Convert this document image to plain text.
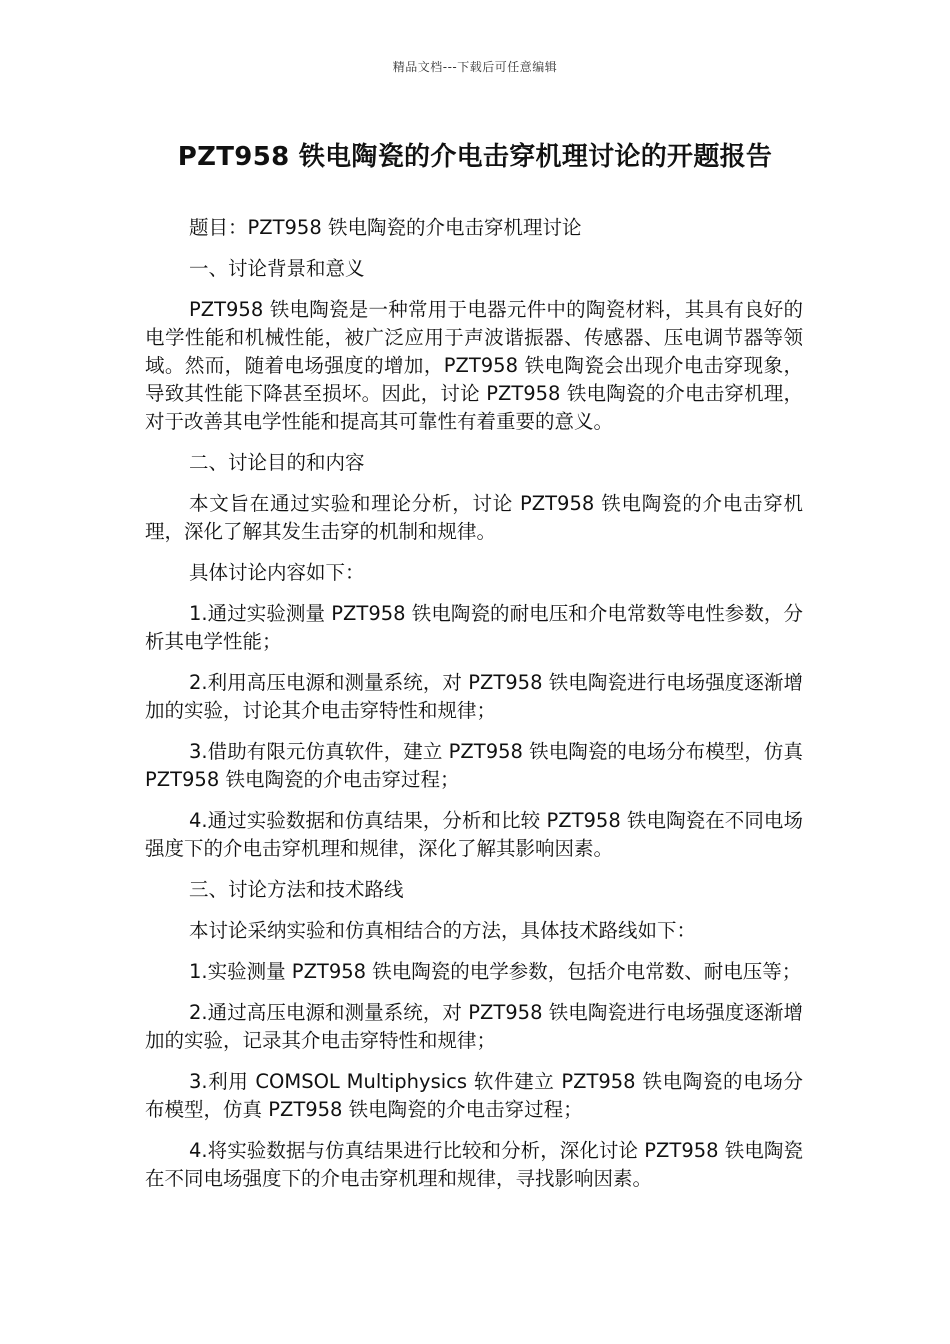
精品文档---下载后可任意编辑
PZT958 铁电陶瓷的介电击穿机理讨论的开题报告

题目：PZT958 铁电陶瓷的介电击穿机理讨论

一、讨论背景和意义

PZT958 铁电陶瓷是一种常用于电器元件中的陶瓷材料，其具有良好的电学性能和机械性能，被广泛应用于声波谐振器、传感器、压电调节器等领域。然而，随着电场强度的增加，PZT958 铁电陶瓷会出现介电击穿现象，导致其性能下降甚至损坏。因此，讨论 PZT958 铁电陶瓷的介电击穿机理，对于改善其电学性能和提高其可靠性有着重要的意义。

二、讨论目的和内容

本文旨在通过实验和理论分析，讨论 PZT958 铁电陶瓷的介电击穿机理，深化了解其发生击穿的机制和规律。

具体讨论内容如下：

1.通过实验测量 PZT958 铁电陶瓷的耐电压和介电常数等电性参数，分析其电学性能；

2.利用高压电源和测量系统，对 PZT958 铁电陶瓷进行电场强度逐渐增加的实验，讨论其介电击穿特性和规律；

3.借助有限元仿真软件，建立 PZT958 铁电陶瓷的电场分布模型，仿真 PZT958 铁电陶瓷的介电击穿过程；

4.通过实验数据和仿真结果，分析和比较 PZT958 铁电陶瓷在不同电场强度下的介电击穿机理和规律，深化了解其影响因素。

三、讨论方法和技术路线

本讨论采纳实验和仿真相结合的方法，具体技术路线如下：

1.实验测量 PZT958 铁电陶瓷的电学参数，包括介电常数、耐电压等；

2.通过高压电源和测量系统，对 PZT958 铁电陶瓷进行电场强度逐渐增加的实验，记录其介电击穿特性和规律；

3.利用 COMSOL Multiphysics 软件建立 PZT958 铁电陶瓷的电场分布模型，仿真 PZT958 铁电陶瓷的介电击穿过程；

4.将实验数据与仿真结果进行比较和分析，深化讨论 PZT958 铁电陶瓷在不同电场强度下的介电击穿机理和规律，寻找影响因素。
